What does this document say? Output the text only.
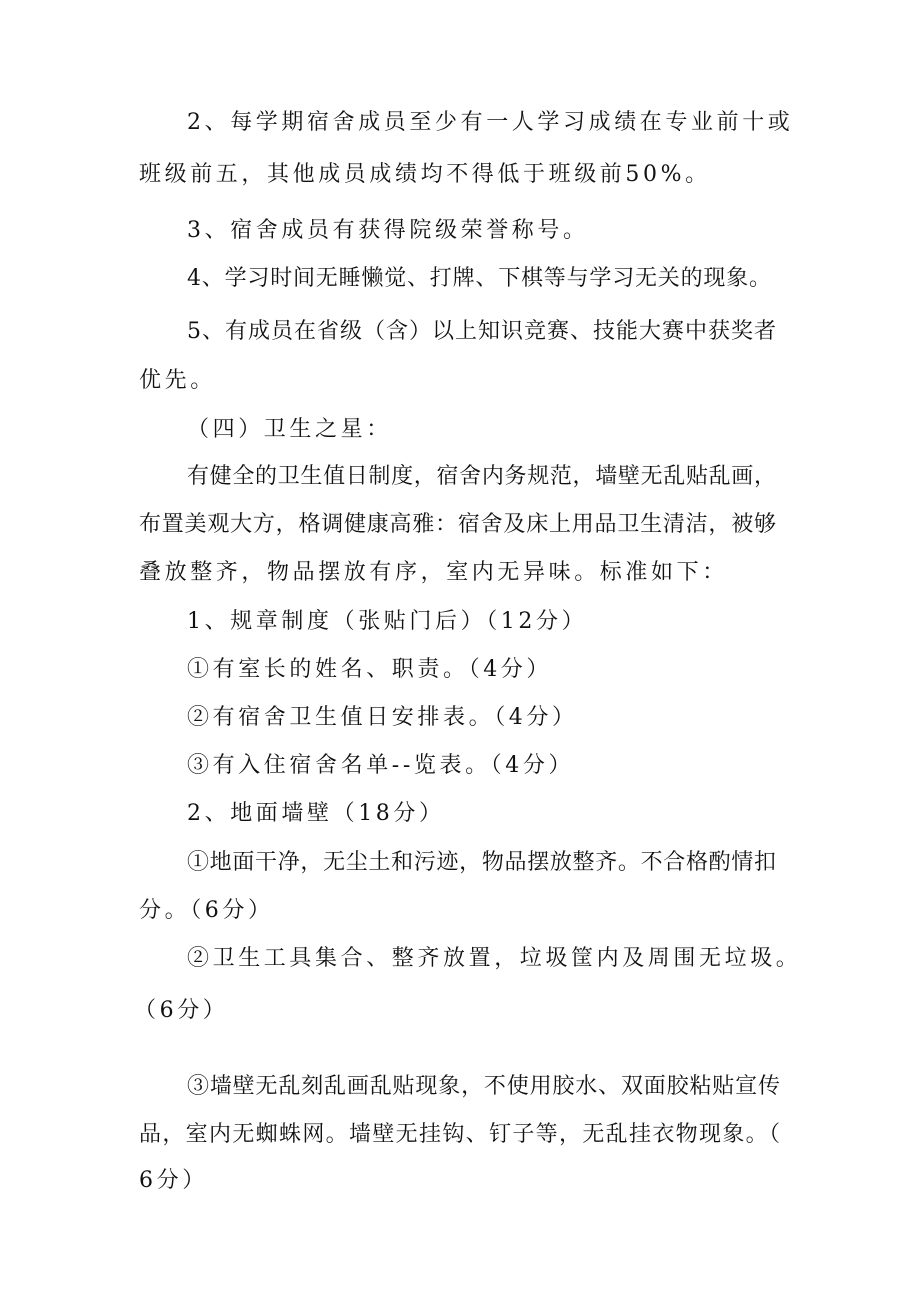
2、每学期宿舍成员至少有一人学习成绩在专业前十或
班级前五，其他成员成绩均不得低于班级前50%。
3、宿舍成员有获得院级荣誉称号。
4、学习时间无睡懒觉、打牌、下棋等与学习无关的现象。
5、有成员在省级（含）以上知识竞赛、技能大赛中获奖者
优先。
（四）卫生之星：
有健全的卫生值日制度，宿舍内务规范，墙壁无乱贴乱画，
布置美观大方，格调健康高雅：宿舍及床上用品卫生清洁，被够
叠放整齐，物品摆放有序，室内无异味。标准如下：
1、规章制度（张贴门后）（12分）
①有室长的姓名、职责。（4分）
②有宿舍卫生值日安排表。（4分）
③有入住宿舍名单--览表。（4分）
2、地面墙壁（18分）
①地面干净，无尘土和污迹，物品摆放整齐。不合格酌情扣
分。（6分）
②卫生工具集合、整齐放置，垃圾筐内及周围无垃圾。
（6分）
③墙壁无乱刻乱画乱贴现象，不使用胶水、双面胶粘贴宣传
品，室内无蜘蛛网。墙壁无挂钩、钉子等，无乱挂衣物现象。（
6分）
